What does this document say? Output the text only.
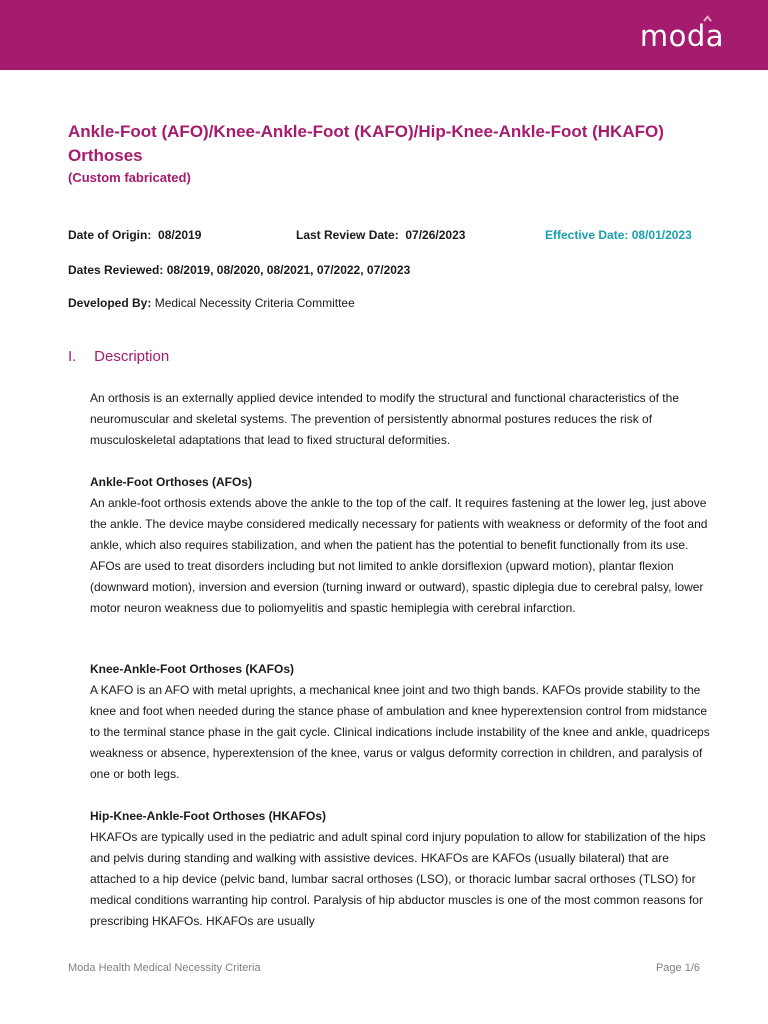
moda
Ankle-Foot (AFO)/Knee-Ankle-Foot (KAFO)/Hip-Knee-Ankle-Foot (HKAFO) Orthoses
(Custom fabricated)
Date of Origin: 08/2019	Last Review Date: 07/26/2023	Effective Date: 08/01/2023
Dates Reviewed: 08/2019, 08/2020, 08/2021, 07/2022, 07/2023
Developed By: Medical Necessity Criteria Committee
I. Description

An orthosis is an externally applied device intended to modify the structural and functional characteristics of the neuromuscular and skeletal systems. The prevention of persistently abnormal postures reduces the risk of musculoskeletal adaptations that lead to fixed structural deformities.

Ankle-Foot Orthoses (AFOs)

An ankle-foot orthosis extends above the ankle to the top of the calf. It requires fastening at the lower leg, just above the ankle. The device maybe considered medically necessary for patients with weakness or deformity of the foot and ankle, which also requires stabilization, and when the patient has the potential to benefit functionally from its use. AFOs are used to treat disorders including but not limited to ankle dorsiflexion (upward motion), plantar flexion (downward motion), inversion and eversion (turning inward or outward), spastic diplegia due to cerebral palsy, lower motor neuron weakness due to poliomyelitis and spastic hemiplegia with cerebral infarction.

Knee-Ankle-Foot Orthoses (KAFOs)

A KAFO is an AFO with metal uprights, a mechanical knee joint and two thigh bands. KAFOs provide stability to the knee and foot when needed during the stance phase of ambulation and knee hyperextension control from midstance to the terminal stance phase in the gait cycle. Clinical indications include instability of the knee and ankle, quadriceps weakness or absence, hyperextension of the knee, varus or valgus deformity correction in children, and paralysis of one or both legs.

Hip-Knee-Ankle-Foot Orthoses (HKAFOs)

HKAFOs are typically used in the pediatric and adult spinal cord injury population to allow for stabilization of the hips and pelvis during standing and walking with assistive devices. HKAFOs are KAFOs (usually bilateral) that are attached to a hip device (pelvic band, lumbar sacral orthoses (LSO), or thoracic lumbar sacral orthoses (TLSO) for medical conditions warranting hip control. Paralysis of hip abductor muscles is one of the most common reasons for prescribing HKAFOs. HKAFOs are usually

Moda Health Medical Necessity Criteria	Page 1/6
